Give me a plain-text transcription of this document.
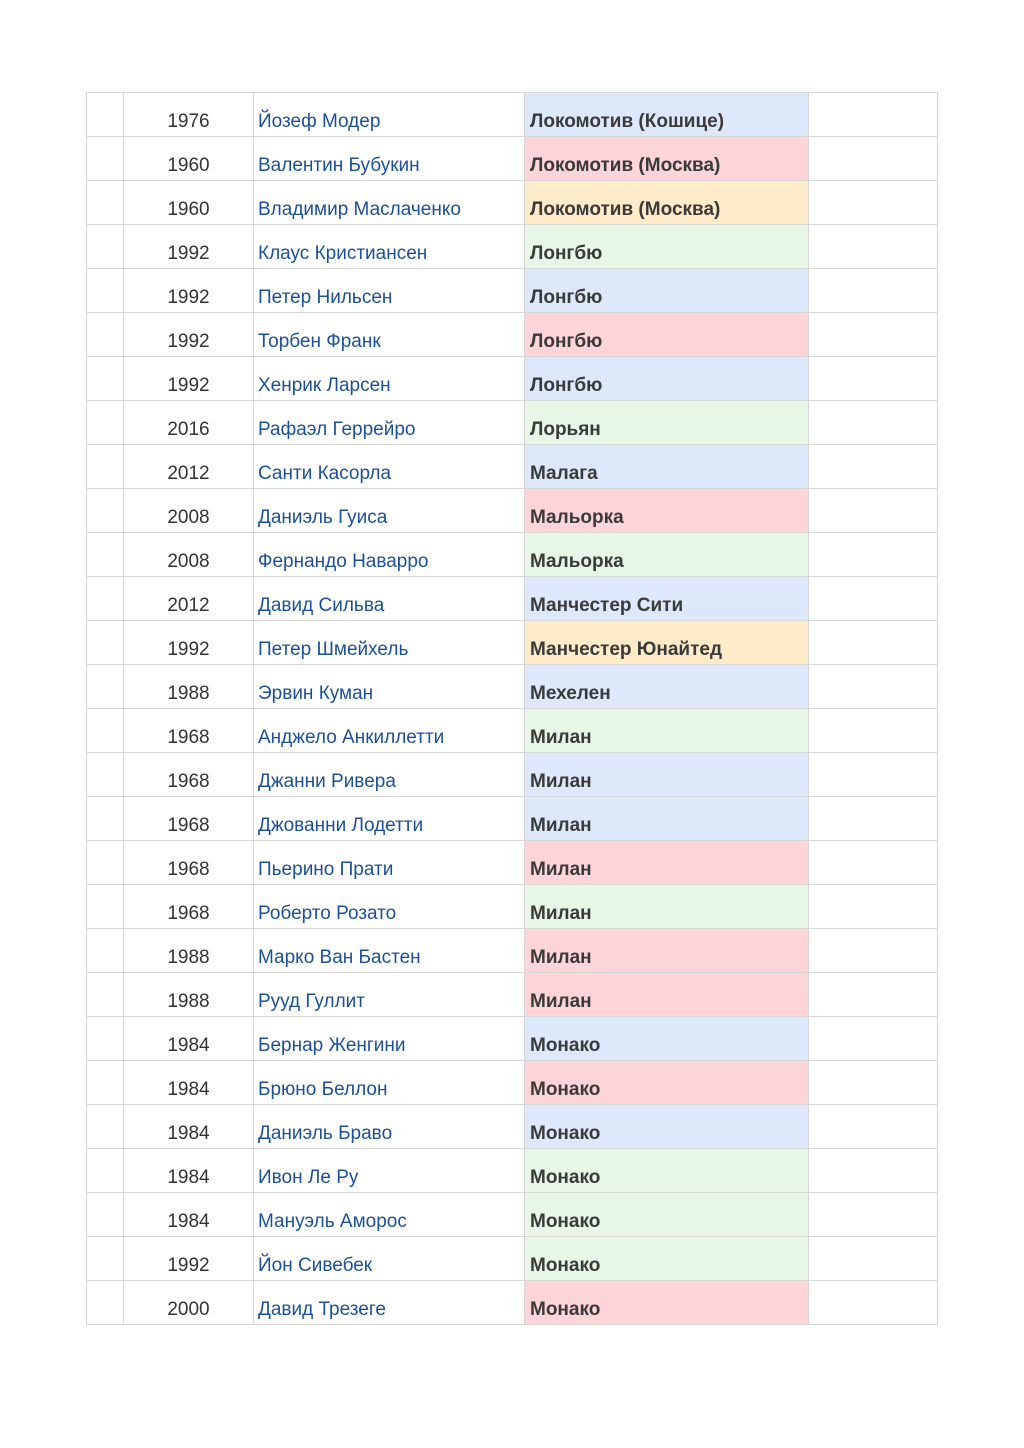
	1976	Йозеф Модер	Локомотив (Кошице)	
	1960	Валентин Бубукин	Локомотив (Москва)	
	1960	Владимир Маслаченко	Локомотив (Москва)	
	1992	Клаус Кристиансен	Лонгбю	
	1992	Петер Нильсен	Лонгбю	
	1992	Торбен Франк	Лонгбю	
	1992	Хенрик Ларсен	Лонгбю	
	2016	Рафаэл Геррейро	Лорьян	
	2012	Санти Касорла	Малага	
	2008	Даниэль Гуиса	Мальорка	
	2008	Фернандо Наварро	Мальорка	
	2012	Давид Сильва	Манчестер Сити	
	1992	Петер Шмейхель	Манчестер Юнайтед	
	1988	Эрвин Куман	Мехелен	
	1968	Анджело Анкиллетти	Милан	
	1968	Джанни Ривера	Милан	
	1968	Джованни Лодетти	Милан	
	1968	Пьерино Прати	Милан	
	1968	Роберто Розато	Милан	
	1988	Марко Ван Бастен	Милан	
	1988	Рууд Гуллит	Милан	
	1984	Бернар Женгини	Монако	
	1984	Брюно Беллон	Монако	
	1984	Даниэль Браво	Монако	
	1984	Ивон Ле Ру	Монако	
	1984	Мануэль Аморос	Монако	
	1992	Йон Сивебек	Монако	
	2000	Давид Трезеге	Монако	
